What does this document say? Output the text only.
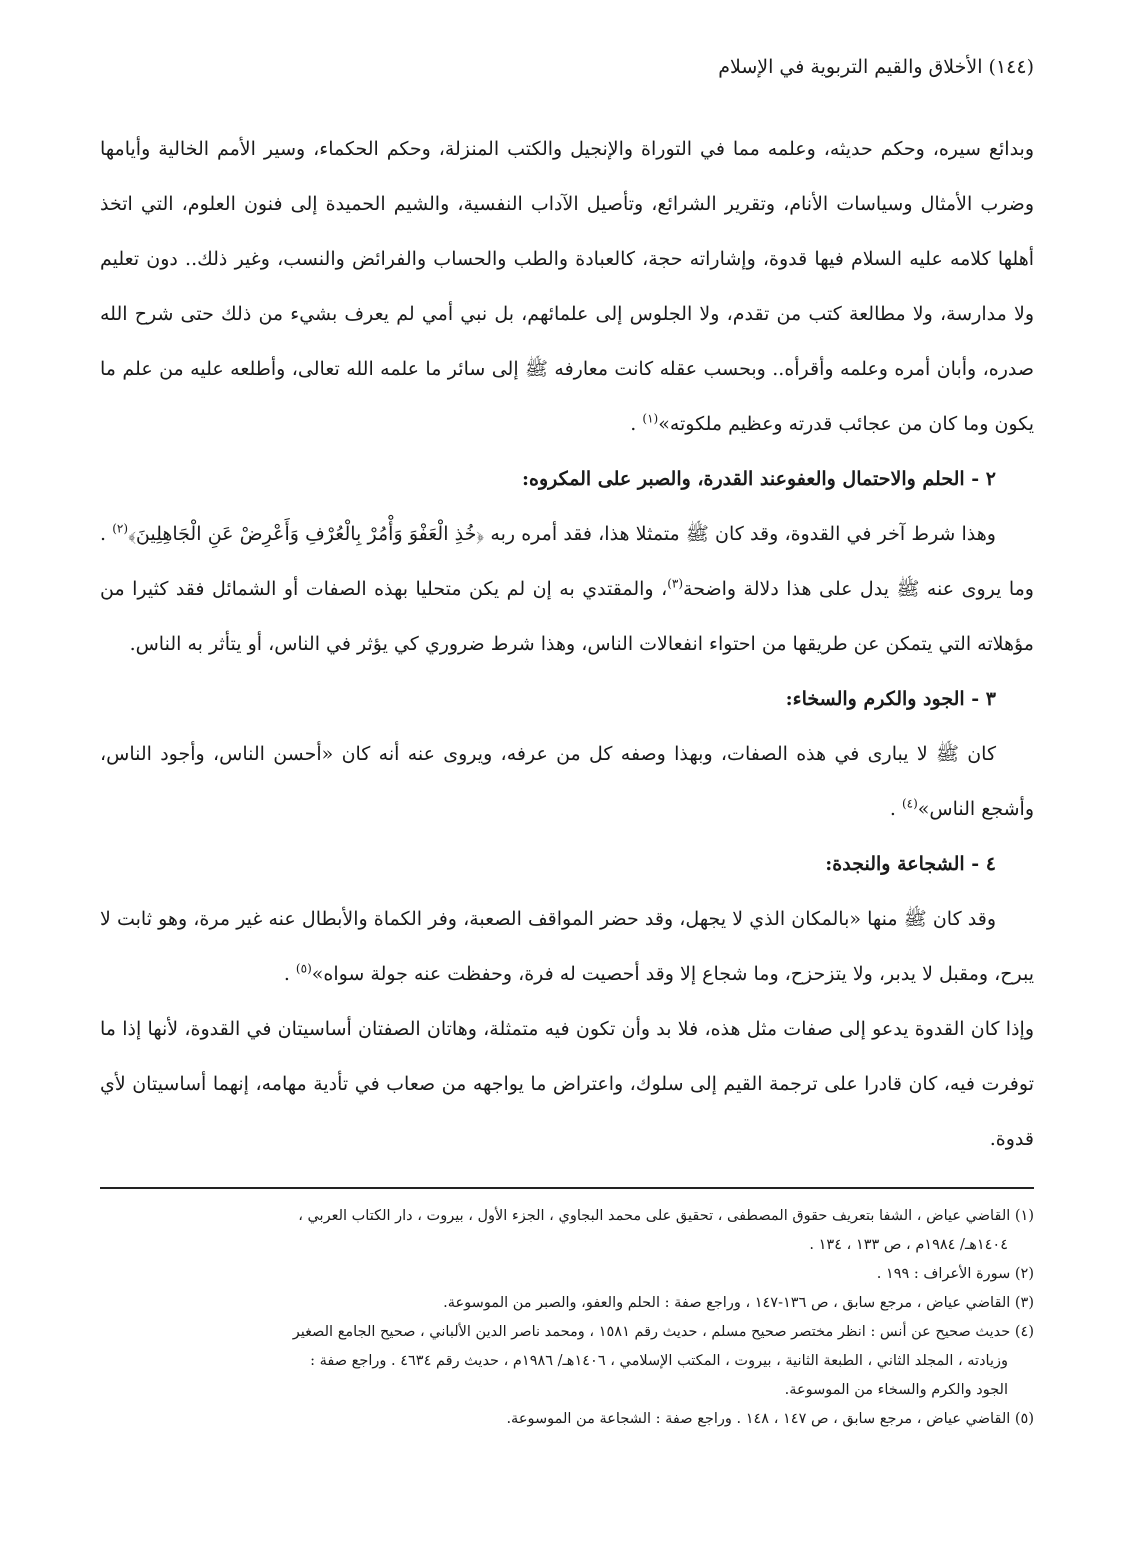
(١٤٤) الأخلاق والقيم التربوية في الإسلام

وبدائع سيره، وحكم حديثه، وعلمه مما في التوراة والإنجيل والكتب المنزلة، وحكم الحكماء، وسير الأمم الخالية وأيامها وضرب الأمثال وسياسات الأنام، وتقرير الشرائع، وتأصيل الآداب النفسية، والشيم الحميدة إلى فنون العلوم، التي اتخذ أهلها كلامه عليه السلام فيها قدوة، وإشاراته حجة، كالعبادة والطب والحساب والفرائض والنسب، وغير ذلك.. دون تعليم ولا مدارسة، ولا مطالعة كتب من تقدم، ولا الجلوس إلى علمائهم، بل نبي أمي لم يعرف بشيء من ذلك حتى شرح الله صدره، وأبان أمره وعلمه وأقرأه.. وبحسب عقله كانت معارفه ﷺ إلى سائر ما علمه الله تعالى، وأطلعه عليه من علم ما يكون وما كان من عجائب قدرته وعظيم ملكوته»$^{(١)}$ .

٢ - الحلم والاحتمال والعفوعند القدرة، والصبر على المكروه:

وهذا شرط آخر في القدوة، وقد كان ﷺ متمثلا هذا، فقد أمره ربه ﴿خُذِ الْعَفْوَ وَأْمُرْ بِالْعُرْفِ وَأَعْرِضْ عَنِ الْجَاهِلِينَ﴾$^{(٢)}$ . وما يروى عنه ﷺ يدل على هذا دلالة واضحة$^{(٣)}$، والمقتدي به إن لم يكن متحليا بهذه الصفات أو الشمائل فقد كثيرا من مؤهلاته التي يتمكن عن طريقها من احتواء انفعالات الناس، وهذا شرط ضروري كي يؤثر في الناس، أو يتأثر به الناس.

٣ - الجود والكرم والسخاء:

كان ﷺ لا يبارى في هذه الصفات، وبهذا وصفه كل من عرفه، ويروى عنه أنه كان «أحسن الناس، وأجود الناس، وأشجع الناس»$^{(٤)}$ .

٤ - الشجاعة والنجدة:

وقد كان ﷺ منها «بالمكان الذي لا يجهل، وقد حضر المواقف الصعبة، وفر الكماة والأبطال عنه غير مرة، وهو ثابت لا يبرح، ومقبل لا يدبر، ولا يتزحزح، وما شجاع إلا وقد أحصيت له فرة، وحفظت عنه جولة سواه»$^{(٥)}$ .

وإذا كان القدوة يدعو إلى صفات مثل هذه، فلا بد وأن تكون فيه متمثلة، وهاتان الصفتان أساسيتان في القدوة، لأنها إذا ما توفرت فيه، كان قادرا على ترجمة القيم إلى سلوك، واعتراض ما يواجهه من صعاب في تأدية مهامه، إنهما أساسيتان لأي قدوة.

(١) القاضي عياض ، الشفا بتعريف حقوق المصطفى ، تحقيق على محمد البجاوي ، الجزء الأول ، بيروت ، دار الكتاب العربي ،

١٤٠٤هـ/ ١٩٨٤م ، ص ١٣٣ ، ١٣٤ .

(٢) سورة الأعراف : ١٩٩ .

(٣) القاضي عياض ، مرجع سابق ، ص ١٣٦-١٤٧ ، وراجع صفة : الحلم والعفو، والصبر من الموسوعة.

(٤) حديث صحيح عن أنس : انظر مختصر صحيح مسلم ، حديث رقم ١٥٨١ ، ومحمد ناصر الدين الألباني ، صحيح الجامع الصغير

وزيادته ، المجلد الثاني ، الطبعة الثانية ، بيروت ، المكتب الإسلامي ، ١٤٠٦هـ/ ١٩٨٦م ، حديث رقم ٤٦٣٤ . وراجع صفة :

الجود والكرم والسخاء من الموسوعة.

(٥) القاضي عياض ، مرجع سابق ، ص ١٤٧ ، ١٤٨ . وراجع صفة : الشجاعة من الموسوعة.
